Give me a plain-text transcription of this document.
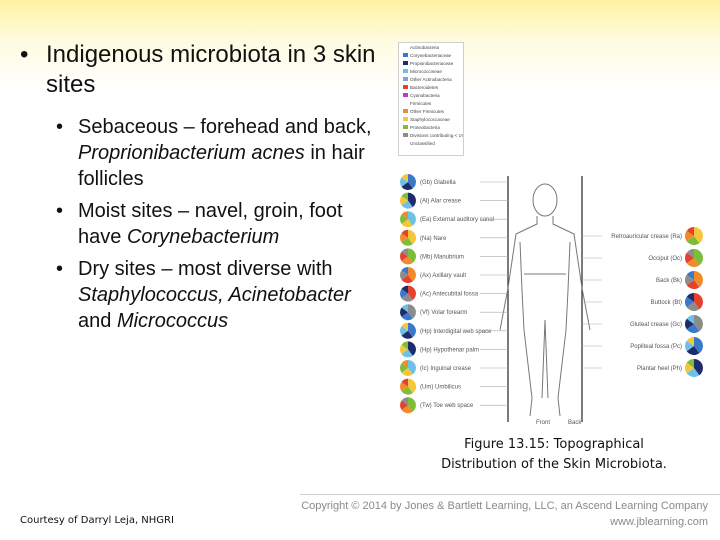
• Indigenous microbiota in 3 skin sites
• Sebaceous – forehead and back, Proprionibacterium acnes in hair follicles
• Moist sites – navel, groin, foot have Corynebacterium
• Dry sites – most diverse with Staphylococcus, Acinetobacter and Micrococcus
Actinobacteria
Corynebacteriaceae
Propionibacteriaceae
Micrococcineae
Other Actinobacteria
Bacteroidetes
Cyanobacteria
Firmicutes
Other Firmicutes
Staphylococcaceae
Proteobacteria
Divisions contributing < 1%
Unclassified
(Gb) Glabella
(Al) Alar crease
(Ea) External auditory canal
(Na) Nare
(Mb) Manubrium
(Ax) Axillary vault
(Ac) Antecubital fossa
(Vf) Volar forearm
(Hp) Interdigital web space
(Hp) Hypothenar palm
(Ic) Inguinal crease
(Um) Umbilicus
(Tw) Toe web space
Retroauricular crease (Ra)
Occiput (Oc)
Back (Bk)
Buttock (Bt)
Gluteal crease (Gc)
Popliteal fossa (Pc)
Plantar heel (Ph)
Front	Back
Figure 13.15: Topographical
Distribution of the Skin Microbiota.
Copyright © 2014 by Jones & Bartlett Learning, LLC, an Ascend Learning Company
www.jblearning.com
Courtesy of Darryl Leja, NHGRI
